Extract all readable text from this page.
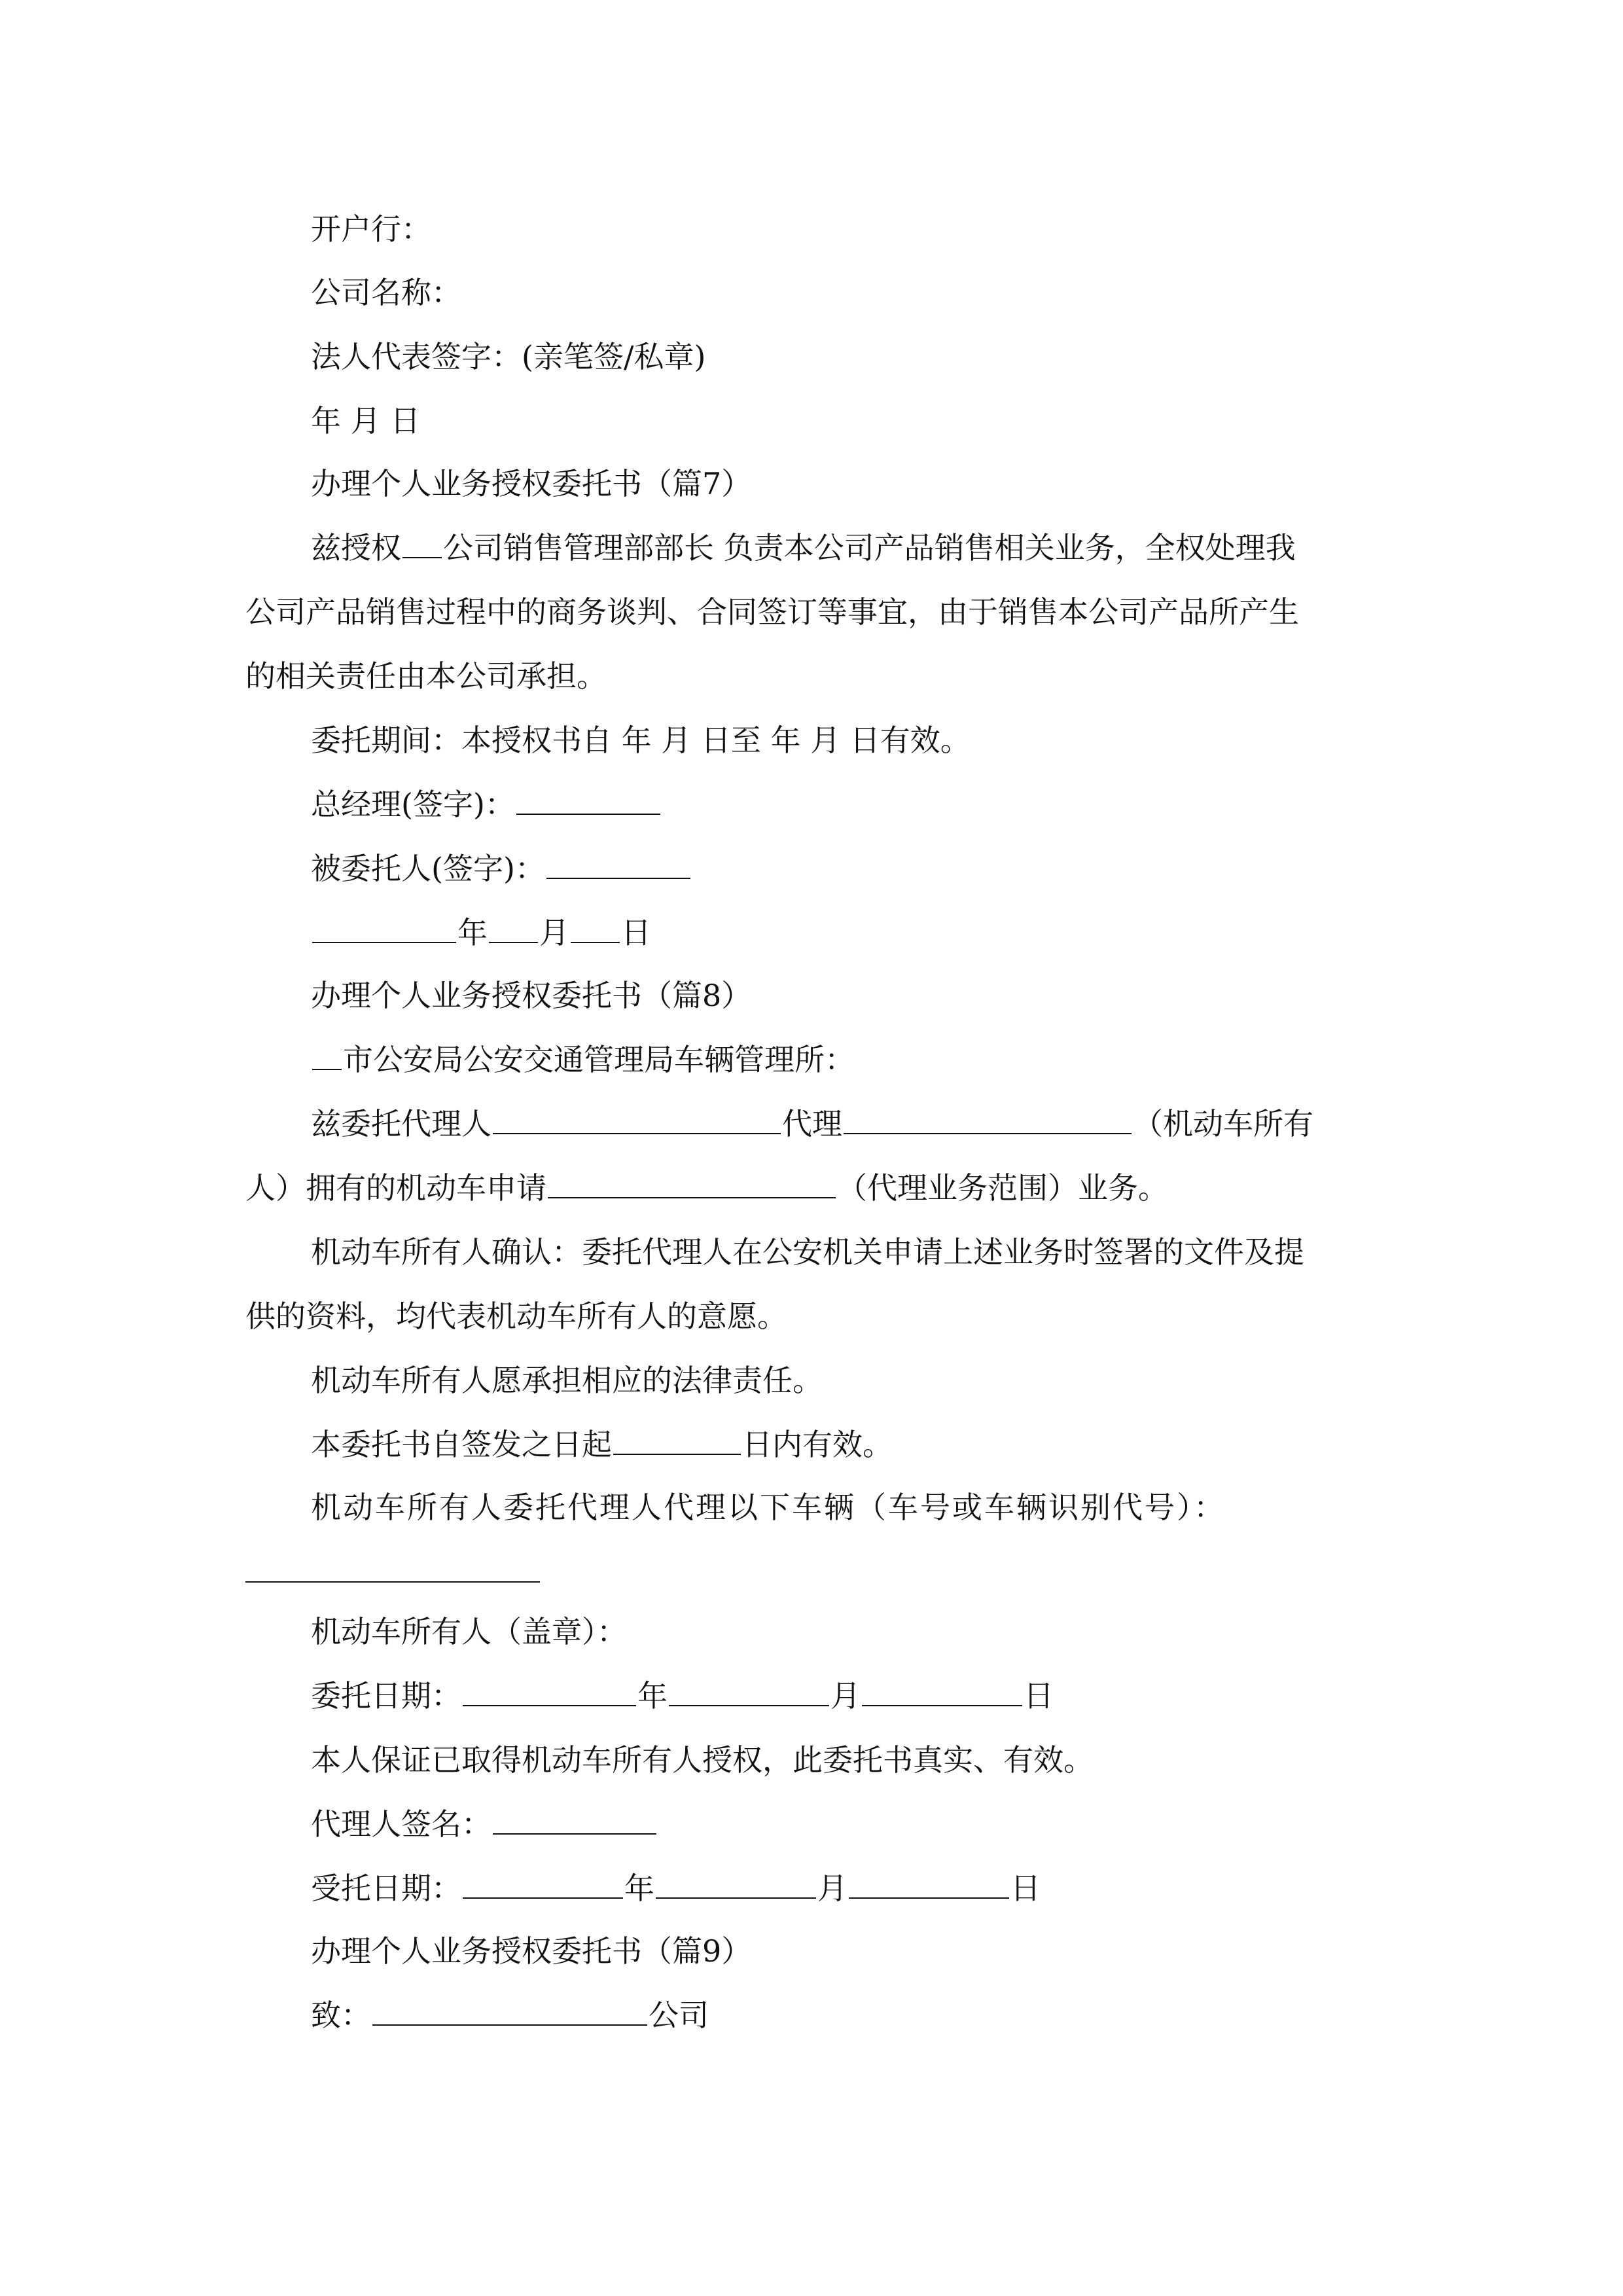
开户行：
公司名称：
法人代表签字：(亲笔签/私章)
年 月 日
办理个人业务授权委托书（篇7）
兹授权 公司销售管理部部长 负责本公司产品销售相关业务，全权处理我
公司产品销售过程中的商务谈判、合同签订等事宜，由于销售本公司产品所产生
的相关责任由本公司承担。
委托期间：本授权书自 年 月 日至 年 月 日有效。
总经理(签字)：
被委托人(签字)：
年 月 日
办理个人业务授权委托书（篇8）
市公安局公安交通管理局车辆管理所：
兹委托代理人	代理	（机动车所有
人）拥有的机动车申请	（代理业务范围）业务。
机动车所有人确认：委托代理人在公安机关申请上述业务时签署的文件及提
供的资料，均代表机动车所有人的意愿。
机动车所有人愿承担相应的法律责任。
本委托书自签发之日起	日内有效。
机动车所有人委托代理人代理以下车辆（车号或车辆识别代号）：
机动车所有人（盖章）：
委托日期：	年	月	日
本人保证已取得机动车所有人授权，此委托书真实、有效。
代理人签名：
受托日期：	年	月	日
办理个人业务授权委托书（篇9）
致：	公司
